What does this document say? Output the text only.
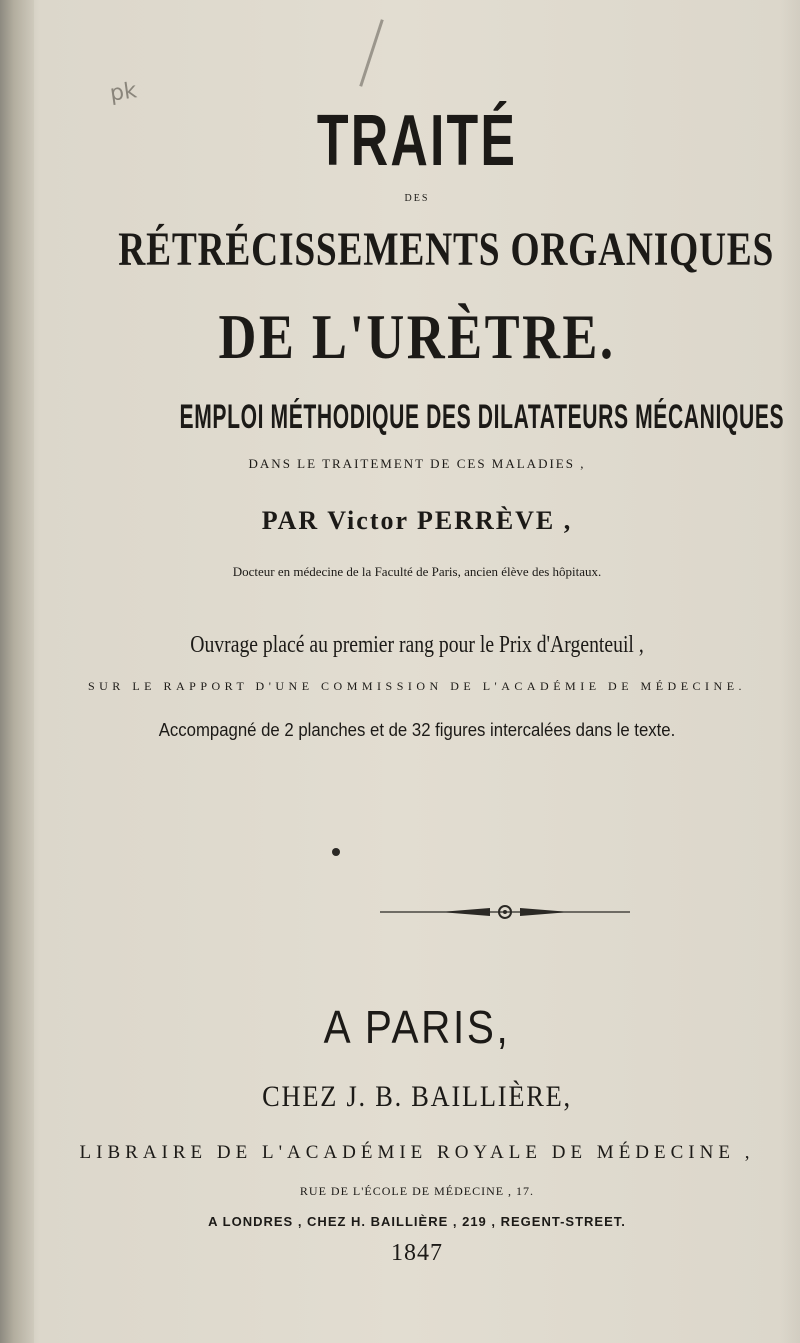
pk
TRAITÉ
DES
RÉTRÉCISSEMENTS ORGANIQUES
DE L'URÈTRE.
EMPLOI MÉTHODIQUE DES DILATATEURS MÉCANIQUES
DANS LE TRAITEMENT DE CES MALADIES ,
PAR Victor PERRÈVE ,
Docteur en médecine de la Faculté de Paris, ancien élève des hôpitaux.
Ouvrage placé au premier rang pour le Prix d'Argenteuil ,
SUR LE RAPPORT D'UNE COMMISSION DE L'ACADÉMIE DE MÉDECINE.
Accompagné de 2 planches et de 32 figures intercalées dans le texte.
A PARIS,
CHEZ J. B. BAILLIÈRE,
LIBRAIRE DE L'ACADÉMIE ROYALE DE MÉDECINE ,
RUE DE L'ÉCOLE DE MÉDECINE , 17.
A LONDRES , CHEZ H. BAILLIÈRE , 219 , REGENT-STREET.
1847
